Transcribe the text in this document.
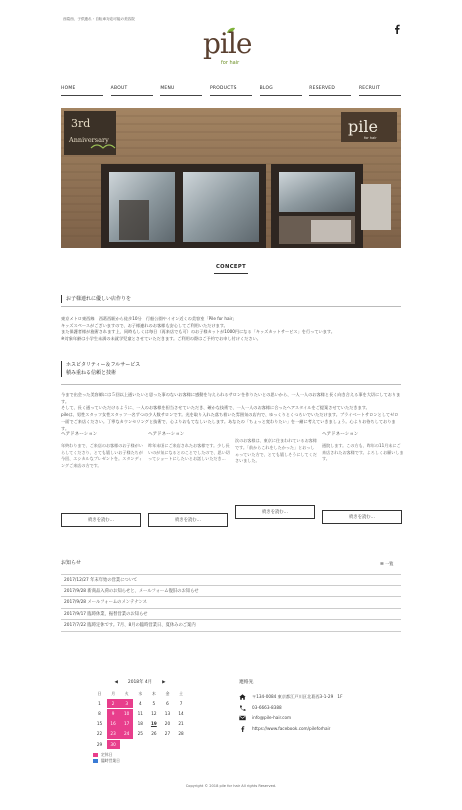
西葛西、子供連れ・自転車対応可能の美容院
pile
for hair
HOME	ABOUT	MENU	PRODUCTS	BLOG	RESERVED	RECRUIT
3rd
Anniversary
pile
for hair
CONCEPT
お子様連れに優しい店作りを
東京メトロ東西線　西葛西駅から徒歩10分　行船公園やイオン近くの美容室「Pile for hair」
キッズスペースがございますので、お子様連れのお客様も安心してご利用いただけます。
また保護者様が施術されます上、同時もしくは毎日（再来店でも可）のお子様カットが1000円になる「キッズカットサービス」を行っています。
※対象年齢は小学生未満の未就学児童とさせていただきます。ご利用の際はご予約でお申し付けください。
ホスピタリティー＆フルサービス
積み重ねる信頼と技術
今まで出会った美容師には５回以上通いたいと思った事のないお客様に感動を与えられるサロンを作りたいとの思いから、一人一人のお客様と長く向き合える事を大切にしております。
そして、長く通っていただけるように、一人のお客様を担当させていただき、確かな技術で、一人一人のお客様に合ったヘアスタイルをご提案させていただきます。
pileは、男性スタッフ女性スタッフ一名ずつの少人数サロンです。光を取り入れた落ち着いた雰囲気の店内で、ゆっくりとくつろいでいただけます。プライベートサロンとしてゼロ一面でご来店ください。丁寧なカウンセリングと技術で、心よりおもてなしいたします。あなたの「ちょっと変わりたい」を一緒に考えていきましょう。心よりお待ちしております。
ヘアドネーション
年終わりまで、ご来店のお客様のお子様がいらしてくださり、とても嬉しいお子様たちが今回、エシカルなプレゼントを。スタンディングご来店の方です。
続きを読む…
ヘアドネーション
昨年末頃にご来店されたお客様です。少し長いのが気になるとのことでしたので、思い切ってショートにしたいとお話しいただき…
続きを読む…
次のお客様は、東京に住まわれているお客様です。「前からこれをしたかった」とおっしゃっていた方で、とても嬉しそうにしてくださいました。
続きを読む…
ヘアドネーション
通院します。この方も、昨年の11月末にご来店されたお客様です。よろしくお願いします。
続きを読む…
お知らせ	☰ 一覧
2017/12/27 年末年始の営業について
2017/9/28 新商品入荷のお知らせと、メールフォーム復旧のお知らせ
2017/9/28 メールフォームのメンテナンス
2017/9/17 臨時休業、振替営業のお知らせ
2017/7/22 臨時定休です。7月、8月の臨時営業日、夏休みのご案内
◀ 2018年 4月 ▶
日	月	火	水	木	金	土
1	2	3	4	5	6	7
8	9	10	11	12	13	14
15	16	17	18	19	20	21
22	23	24	25	26	27	28
29	30
定休日
臨時営業日
連絡先
〒134-0084 東京都江戸川区北葛西3-1-29　1F
03-6663-8388
info@pile-hair.com
https://www.facebook.com/pileforhair
Copyright © 2018 pile for hair All rights Reserved.
